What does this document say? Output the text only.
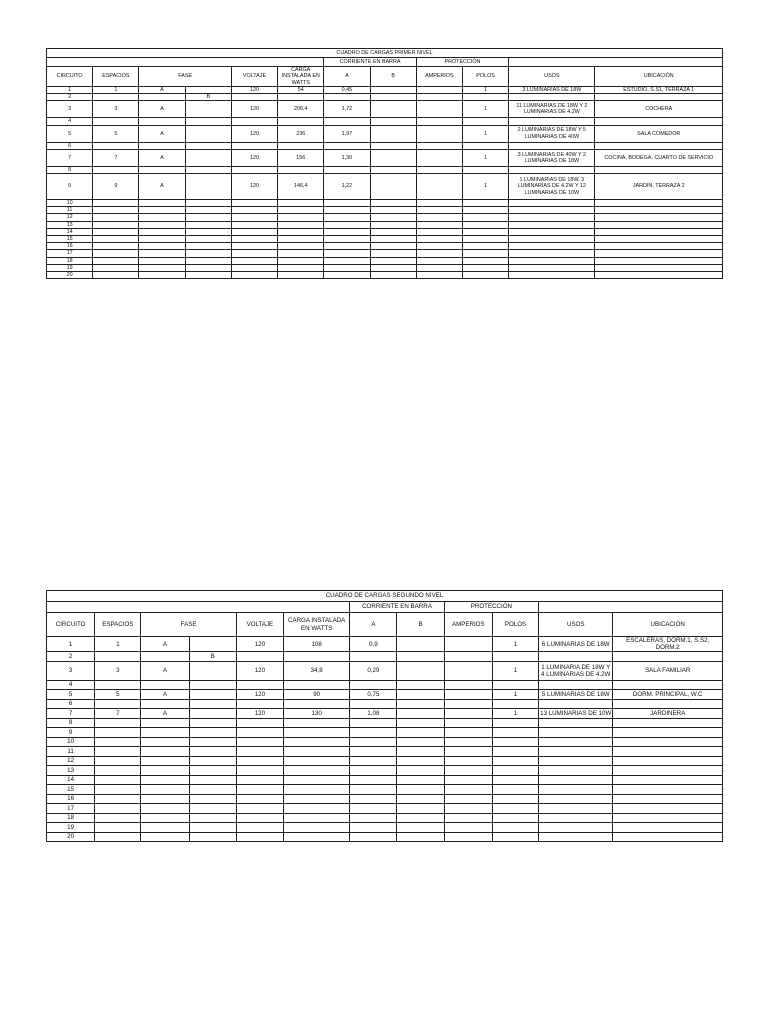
CUADRO DE CARGAS PRIMER NIVEL											
						CORRIENTE EN BARRA		PROTECCIÓN			
CIRCUITO	ESPACIOS	FASE		VOLTAJE	CARGA INSTALADA EN WATTS	A	B	AMPERIOS	POLOS	USOS	UBICACIÓN
1	1	A		120	54	0,45			1	3 LUMINARIAS DE 18W	ESTUDIO, S.S1, TERRAZA 1
2			B								
3	3	A		120	206,4	1,72			1	11 LUMINARIAS DE 18W Y 2 LUMINARIAS DE 4.2W	COCHERA
4											
5	5	A		120	236	1,97			1	2 LUMINARIAS DE 18W Y 5 LUMINARIAS DE 40W	SALA COMEDOR
6											
7	7	A		120	156	1,30			1	3 LUMINARIAS DE 40W Y 2 LUMINARIAS DE 18W	COCINA, BODEGA, CUARTO DE SERVICIO
8											
9	9	A		120	146,4	1,22			1	1 LUMINARIAS DE 18W, 3 LUMINARIAS DE 4.2W Y 12 LUMINARIAS DE 10W	JARDÍN, TERRAZA 2
10											
11											
12											
13											
14											
15											
16											
17											
18											
19											
20											
CUADRO DE CARGAS SEGUNDO NIVEL											
						CORRIENTE EN BARRA		PROTECCIÓN			
CIRCUITO	ESPACIOS	FASE		VOLTAJE	CARGA INSTALADA EN WATTS	A	B	AMPERIOS	POLOS	USOS	UBICACIÓN
1	1	A		120	108	0,9			1	6 LUMINARIAS DE 18W	ESCALERAS, DORM.1, S.S2, DORM.2
2			B								
3	3	A		120	34,8	0,29			1	1 LUMINARIA DE 18W Y 4 LUMINARIAS DE 4.2W	SALA FAMILIAR
4											
5	5	A		120	90	0,75			1	5 LUMINARIAS DE 18W	DORM. PRINCIPAL, W.C
6											
7	7	A		120	130	1,08			1	13 LUMINARIAS DE 10W	JARDINERA
8											
9											
10											
11											
12											
13											
14											
15											
16											
17											
18											
19											
20											
